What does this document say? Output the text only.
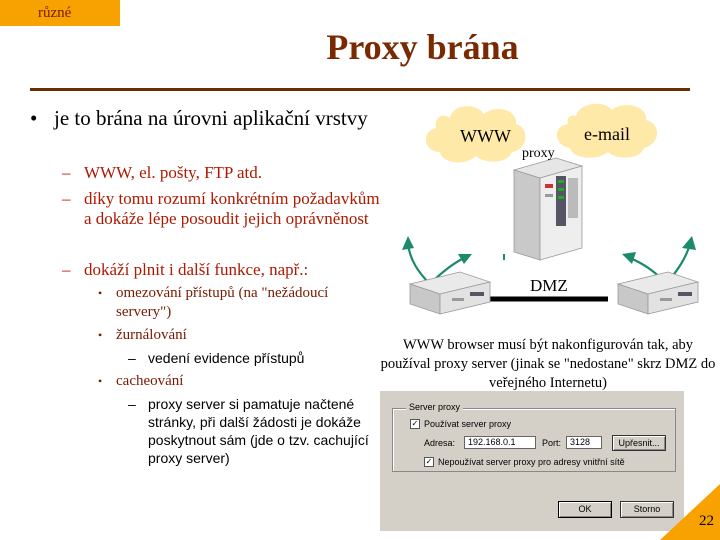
různé
Proxy brána
• je to brána na úrovni aplikační vrstvy
– WWW, el. pošty, FTP atd.
– díky tomu rozumí konkrétním požadavkům a dokáže lépe posoudit jejich oprávněnost
– dokáží plnit i další funkce, např.:
• omezování přístupů (na "nežádoucí servery")
• žurnálování
– vedení evidence přístupů
• cacheování
– proxy server si pamatuje načtené stránky, při další žádosti je dokáže poskytnout sám (jde o tzv. cachující proxy server)
WWW	e-mail
proxy
DMZ
WWW browser musí být nakonfigurován tak, aby používal proxy server (jinak se "nedostane" skrz DMZ do veřejného Internetu)
Server proxy
✓ Používat server proxy
Adresa:	192.168.0.1	Port: 3128	Upřesnit...
✓ Nepoužívat server proxy pro adresy vnitřní sítě
OK	Storno
22
